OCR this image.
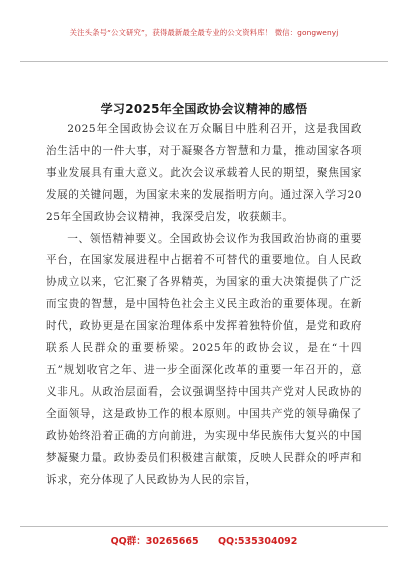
关注头条号“公文研究”，获得最新最全最专业的公文资料库！ 微信：gongwenyj
学习2025年全国政协会议精神的感悟

2025年全国政协会议在万众瞩目中胜利召开，这是我国政治生活中的一件大事，对于凝聚各方智慧和力量，推动国家各项事业发展具有重大意义。此次会议承载着人民的期望，聚焦国家发展的关键问题，为国家未来的发展指明方向。通过深入学习2025年全国政协会议精神，我深受启发，收获颇丰。

一、领悟精神要义。全国政协会议作为我国政治协商的重要平台，在国家发展进程中占据着不可替代的重要地位。自人民政协成立以来，它汇聚了各界精英，为国家的重大决策提供了广泛而宝贵的智慧，是中国特色社会主义民主政治的重要体现。在新时代，政协更是在国家治理体系中发挥着独特价值，是党和政府联系人民群众的重要桥梁。2025年的政协会议，是在“十四五”规划收官之年、进一步全面深化改革的重要一年召开的，意义非凡。从政治层面看，会议强调坚持中国共产党对人民政协的全面领导，这是政协工作的根本原则。中国共产党的领导确保了政协始终沿着正确的方向前进，为实现中华民族伟大复兴的中国梦凝聚力量。政协委员们积极建言献策，反映人民群众的呼声和诉求，充分体现了人民政协为人民的宗旨，

QQ群：30265665 QQ:535304092
